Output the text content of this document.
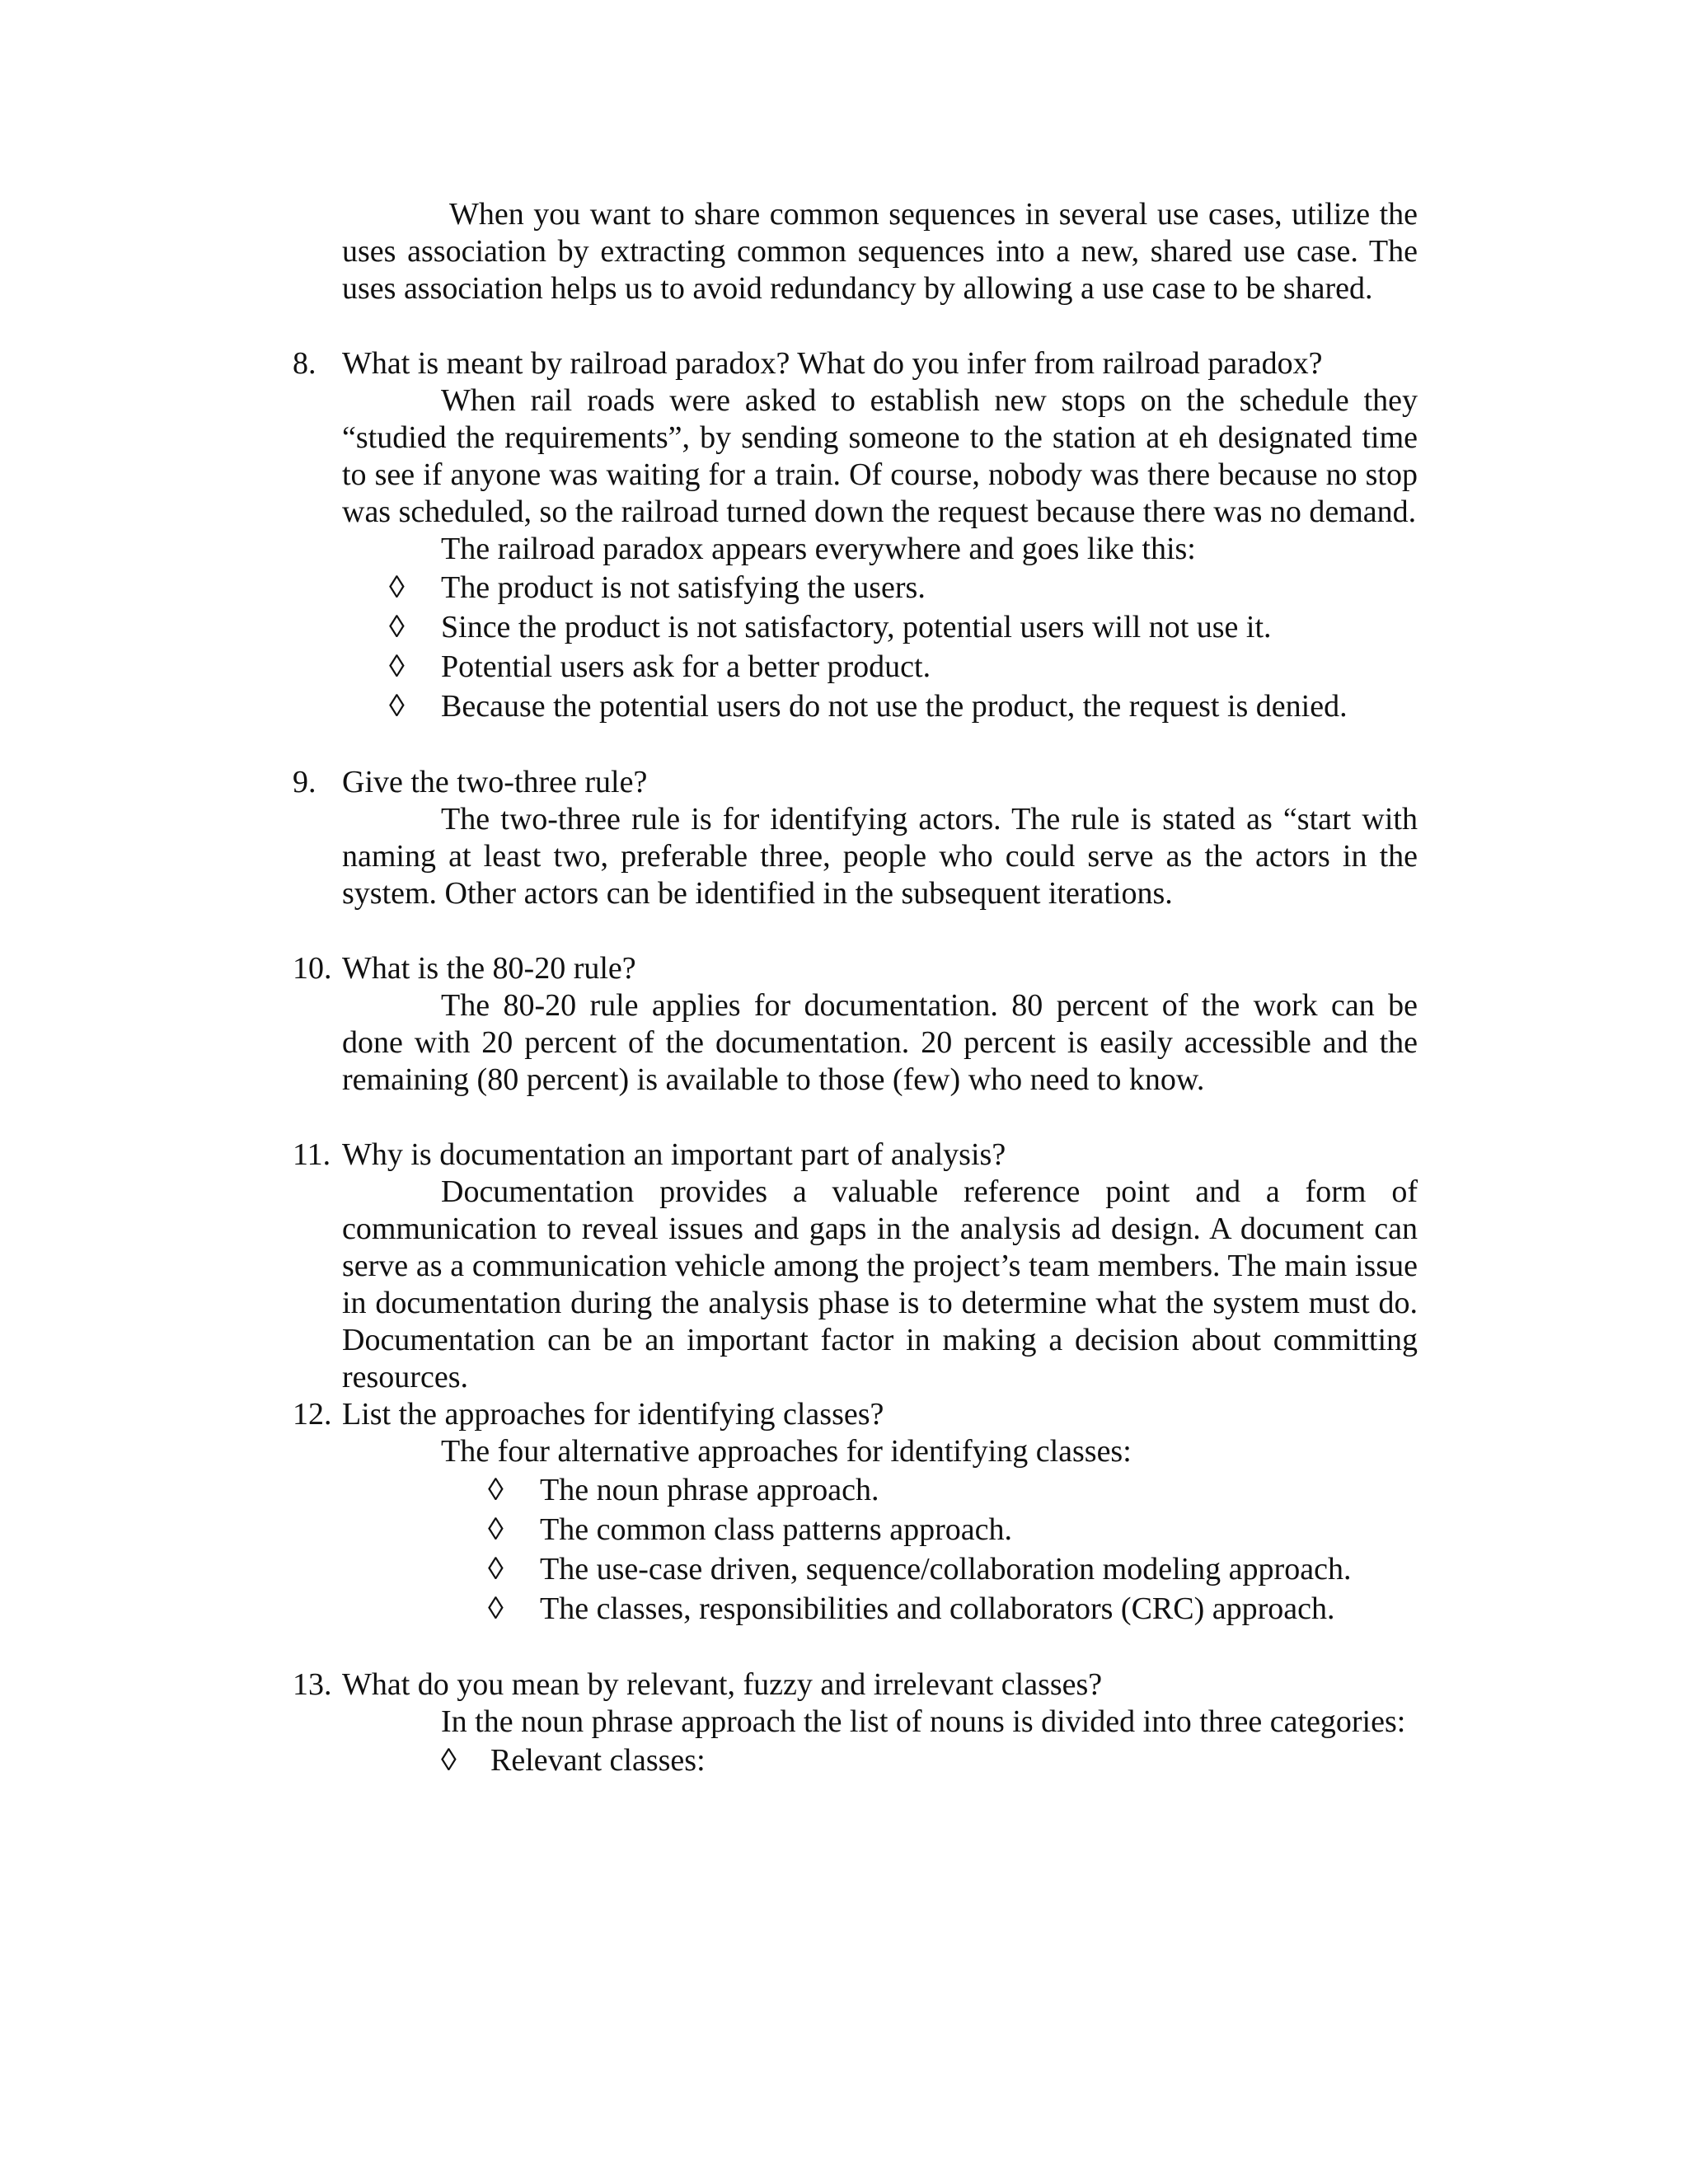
When you want to share common sequences in several use cases, utilize the uses association by extracting common sequences into a new, shared use case. The uses association helps us to avoid redundancy by allowing a use case to be shared.

8. What is meant by railroad paradox? What do you infer from railroad paradox?

When rail roads were asked to establish new stops on the schedule they “studied the requirements”, by sending someone to the station at eh designated time to see if anyone was waiting for a train. Of course, nobody was there because no stop was scheduled, so the railroad turned down the request because there was no demand.

The railroad paradox appears everywhere and goes like this:

◊ The product is not satisfying the users.
◊ Since the product is not satisfactory, potential users will not use it.
◊ Potential users ask for a better product.
◊ Because the potential users do not use the product, the request is denied.

9. Give the two-three rule?

The two-three rule is for identifying actors. The rule is stated as “start with naming at least two, preferable three, people who could serve as the actors in the system. Other actors can be identified in the subsequent iterations.

10. What is the 80-20 rule?

The 80-20 rule applies for documentation. 80 percent of the work can be done with 20 percent of the documentation. 20 percent is easily accessible and the remaining (80 percent) is available to those (few) who need to know.

11. Why is documentation an important part of analysis?

Documentation provides a valuable reference point and a form of communication to reveal issues and gaps in the analysis ad design. A document can serve as a communication vehicle among the project’s team members. The main issue in documentation during the analysis phase is to determine what the system must do. Documentation can be an important factor in making a decision about committing resources.

12. List the approaches for identifying classes?

The four alternative approaches for identifying classes:

◊ The noun phrase approach.
◊ The common class patterns approach.
◊ The use-case driven, sequence/collaboration modeling approach.
◊ The classes, responsibilities and collaborators (CRC) approach.

13. What do you mean by relevant, fuzzy and irrelevant classes?

In the noun phrase approach the list of nouns is divided into three categories:

◊ Relevant classes:
